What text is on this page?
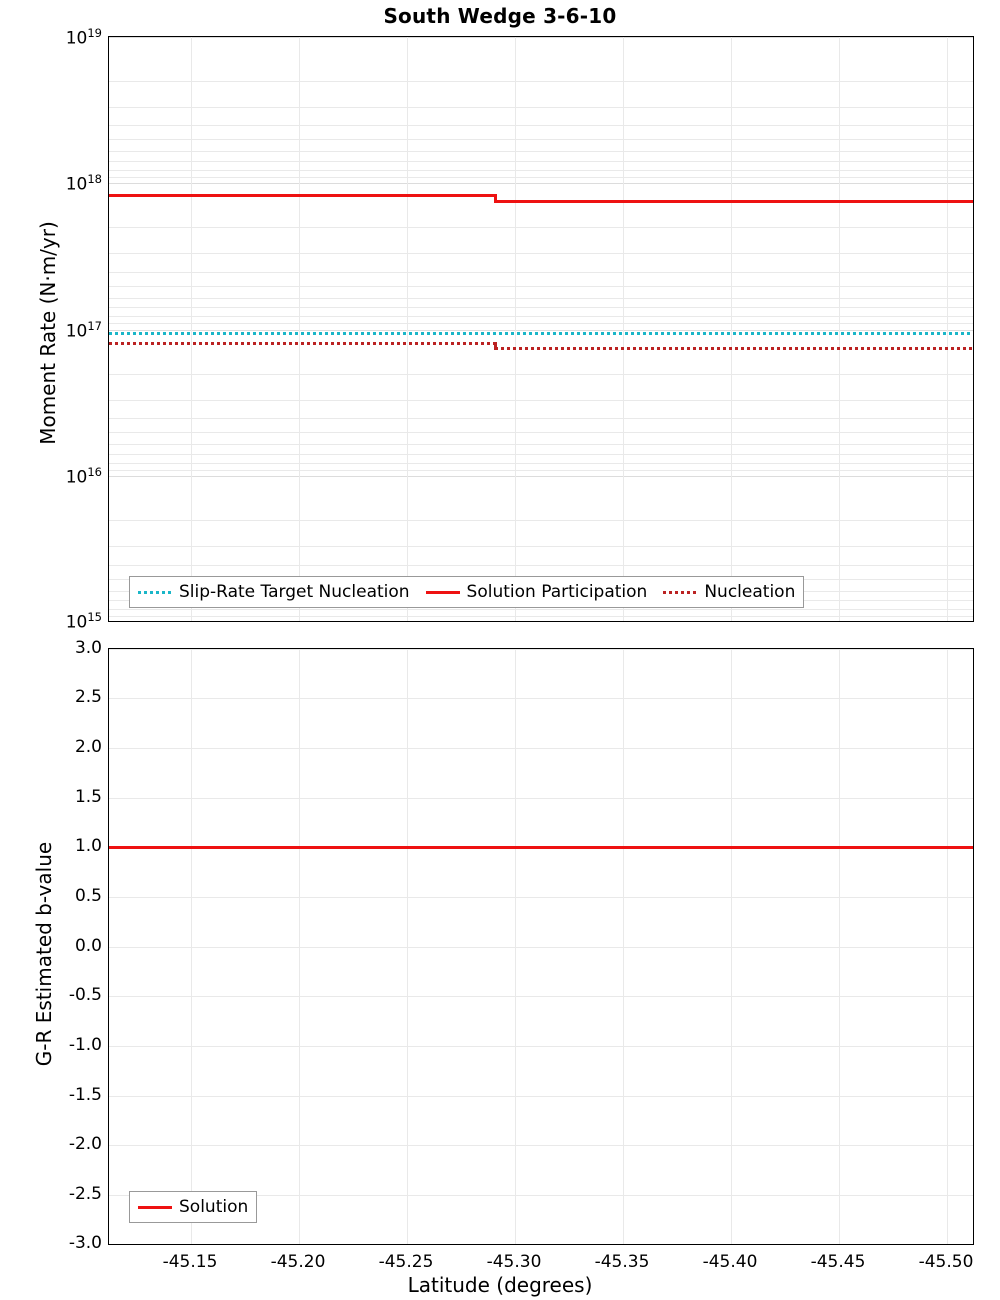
South Wedge 3-6-10
$10^{19}$
$10^{18}$
$10^{17}$
$10^{16}$
$10^{15}$
Moment Rate (N·m/yr)
Slip-Rate Target Nucleation	Solution Participation	Nucleation
3.0
2.5
2.0
1.5
1.0
0.5
0.0
-0.5
-1.0
-1.5
-2.0
-2.5
-3.0
-45.15	-45.20	-45.25	-45.30	-45.35	-45.40	-45.45	-45.50
G-R Estimated b-value
Latitude (degrees)
Solution
